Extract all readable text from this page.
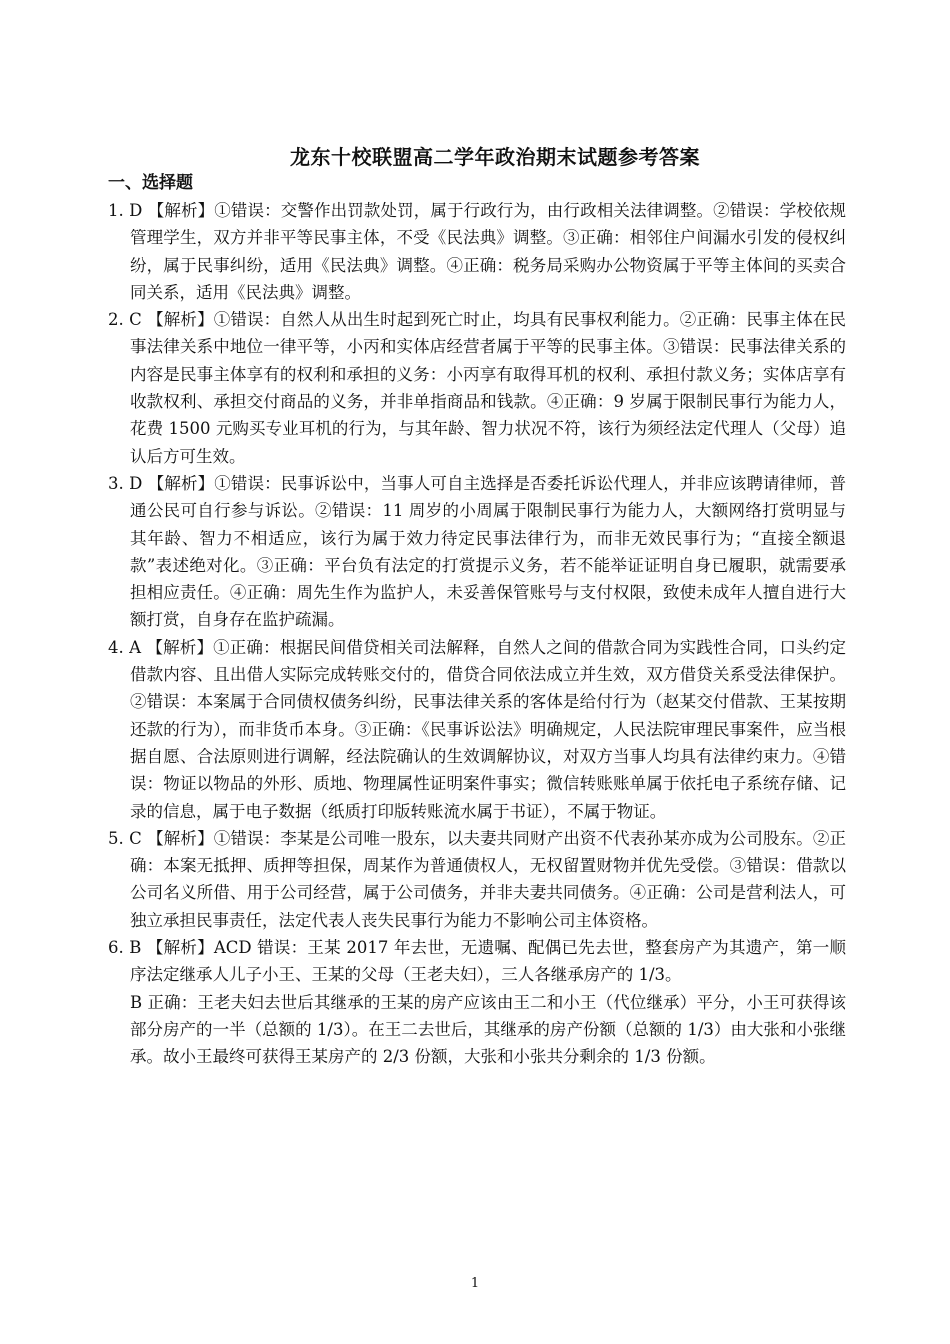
龙东十校联盟高二学年政治期末试题参考答案
一、选择题
1. D 【解析】①错误：交警作出罚款处罚，属于行政行为，由行政相关法律调整。②错误：学校依规管理学生，双方并非平等民事主体，不受《民法典》调整。③正确：相邻住户间漏水引发的侵权纠纷，属于民事纠纷，适用《民法典》调整。④正确：税务局采购办公物资属于平等主体间的买卖合同关系，适用《民法典》调整。
2. C 【解析】①错误：自然人从出生时起到死亡时止，均具有民事权利能力。②正确：民事主体在民事法律关系中地位一律平等，小丙和实体店经营者属于平等的民事主体。③错误：民事法律关系的内容是民事主体享有的权利和承担的义务：小丙享有取得耳机的权利、承担付款义务；实体店享有收款权利、承担交付商品的义务，并非单指商品和钱款。④正确：9 岁属于限制民事行为能力人，花费 1500 元购买专业耳机的行为，与其年龄、智力状况不符，该行为须经法定代理人（父母）追认后方可生效。
3. D 【解析】①错误：民事诉讼中，当事人可自主选择是否委托诉讼代理人，并非应该聘请律师，普通公民可自行参与诉讼。②错误：11 周岁的小周属于限制民事行为能力人，大额网络打赏明显与其年龄、智力不相适应，该行为属于效力待定民事法律行为，而非无效民事行为；“直接全额退款”表述绝对化。③正确：平台负有法定的打赏提示义务，若不能举证证明自身已履职，就需要承担相应责任。④正确：周先生作为监护人，未妥善保管账号与支付权限，致使未成年人擅自进行大额打赏，自身存在监护疏漏。
4. A 【解析】①正确：根据民间借贷相关司法解释，自然人之间的借款合同为实践性合同，口头约定借款内容、且出借人实际完成转账交付的，借贷合同依法成立并生效，双方借贷关系受法律保护。②错误：本案属于合同债权债务纠纷，民事法律关系的客体是给付行为（赵某交付借款、王某按期还款的行为），而非货币本身。③正确：《民事诉讼法》明确规定，人民法院审理民事案件，应当根据自愿、合法原则进行调解，经法院确认的生效调解协议，对双方当事人均具有法律约束力。④错误：物证以物品的外形、质地、物理属性证明案件事实；微信转账账单属于依托电子系统存储、记录的信息，属于电子数据（纸质打印版转账流水属于书证），不属于物证。
5. C 【解析】①错误：李某是公司唯一股东，以夫妻共同财产出资不代表孙某亦成为公司股东。②正确：本案无抵押、质押等担保，周某作为普通债权人，无权留置财物并优先受偿。③错误：借款以公司名义所借、用于公司经营，属于公司债务，并非夫妻共同债务。④正确：公司是营利法人，可独立承担民事责任，法定代表人丧失民事行为能力不影响公司主体资格。
6. B 【解析】ACD 错误：王某 2017 年去世，无遗嘱、配偶已先去世，整套房产为其遗产，第一顺序法定继承人儿子小王、王某的父母（王老夫妇），三人各继承房产的 1/3。
B 正确：王老夫妇去世后其继承的王某的房产应该由王二和小王（代位继承）平分，小王可获得该部分房产的一半（总额的 1/3）。在王二去世后，其继承的房产份额（总额的 1/3）由大张和小张继承。故小王最终可获得王某房产的 2/3 份额，大张和小张共分剩余的 1/3 份额。
1
